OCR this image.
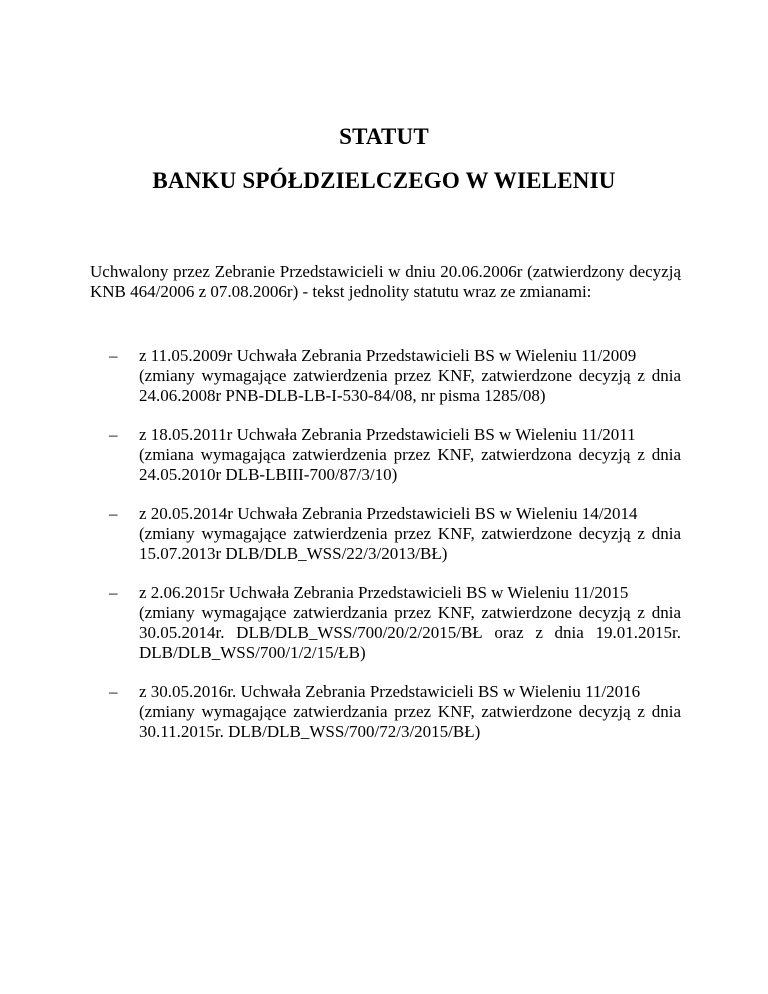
STATUT
BANKU SPÓŁDZIELCZEGO W WIELENIU

Uchwalony przez Zebranie Przedstawicieli w dniu 20.06.2006r (zatwierdzony decyzją KNB 464/2006 z 07.08.2006r) - tekst jednolity statutu wraz ze zmianami:

– z 11.05.2009r Uchwała Zebrania Przedstawicieli BS w Wieleniu 11/2009
(zmiany wymagające zatwierdzenia przez KNF, zatwierdzone decyzją z dnia 24.06.2008r PNB-DLB-LB-I-530-84/08, nr pisma 1285/08)
– z 18.05.2011r Uchwała Zebrania Przedstawicieli BS w Wieleniu 11/2011
(zmiana wymagająca zatwierdzenia przez KNF, zatwierdzona decyzją z dnia 24.05.2010r DLB-LBIII-700/87/3/10)
– z 20.05.2014r Uchwała Zebrania Przedstawicieli BS w Wieleniu 14/2014
(zmiany wymagające zatwierdzenia przez KNF, zatwierdzone decyzją z dnia 15.07.2013r DLB/DLB_WSS/22/3/2013/BŁ)
– z 2.06.2015r Uchwała Zebrania Przedstawicieli BS w Wieleniu 11/2015
(zmiany wymagające zatwierdzania przez KNF, zatwierdzone decyzją z dnia 30.05.2014r. DLB/DLB_WSS/700/20/2/2015/BŁ oraz z dnia 19.01.2015r. DLB/DLB_WSS/700/1/2/15/ŁB)
– z 30.05.2016r. Uchwała Zebrania Przedstawicieli BS w Wieleniu 11/2016
(zmiany wymagające zatwierdzania przez KNF, zatwierdzone decyzją z dnia 30.11.2015r. DLB/DLB_WSS/700/72/3/2015/BŁ)
